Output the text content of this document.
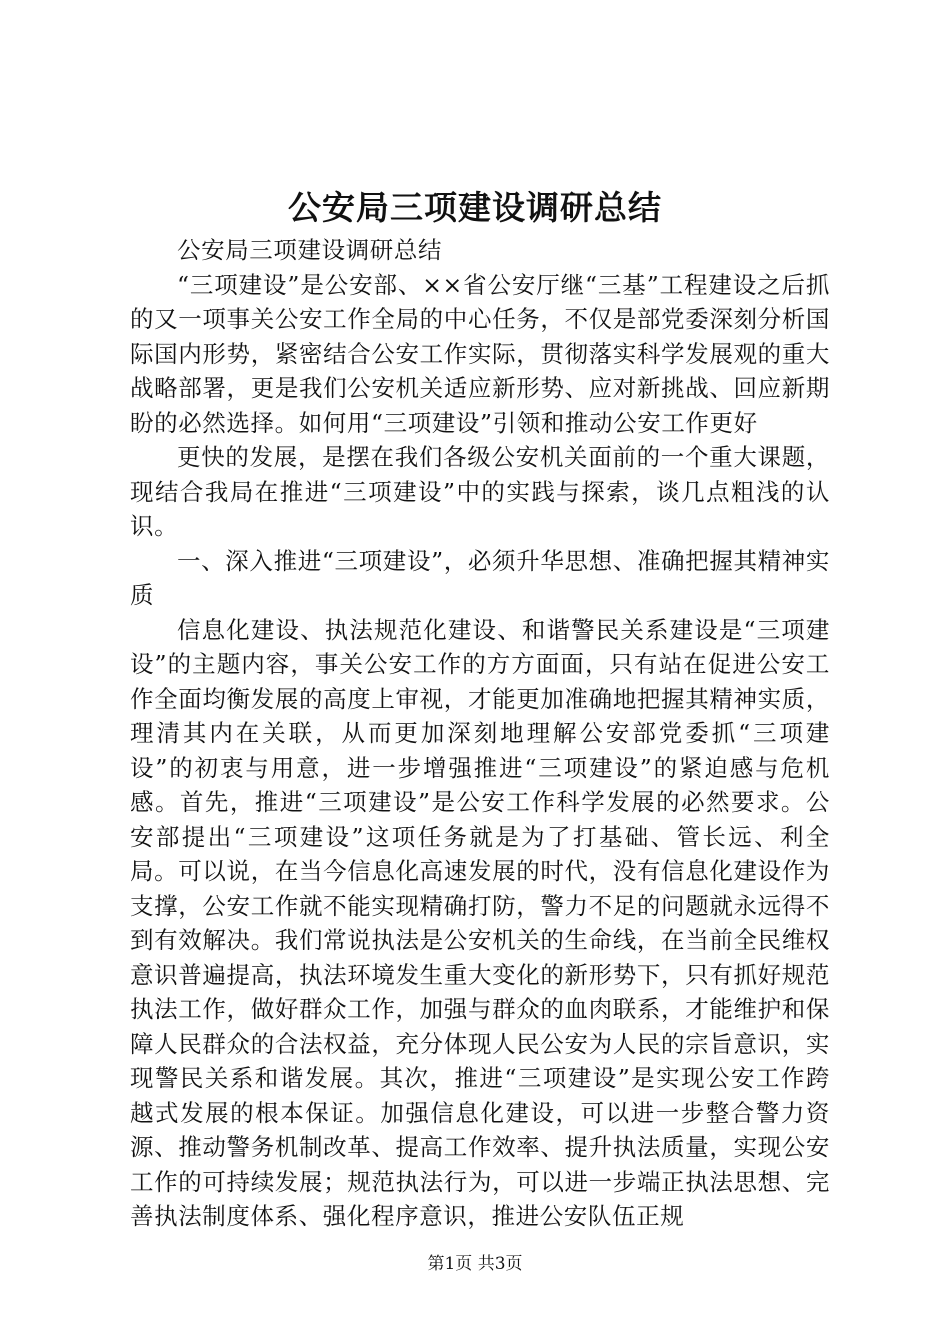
公安局三项建设调研总结

公安局三项建设调研总结

“三项建设”是公安部、××省公安厅继“三基”工程建设之后抓的又一项事关公安工作全局的中心任务，不仅是部党委深刻分析国际国内形势，紧密结合公安工作实际，贯彻落实科学发展观的重大战略部署，更是我们公安机关适应新形势、应对新挑战、回应新期盼的必然选择。如何用“三项建设”引领和推动公安工作更好

更快的发展，是摆在我们各级公安机关面前的一个重大课题，现结合我局在推进“三项建设”中的实践与探索，谈几点粗浅的认识。

一、深入推进“三项建设”，必须升华思想、准确把握其精神实质

信息化建设、执法规范化建设、和谐警民关系建设是“三项建设”的主题内容，事关公安工作的方方面面，只有站在促进公安工作全面均衡发展的高度上审视，才能更加准确地把握其精神实质，理清其内在关联，从而更加深刻地理解公安部党委抓“三项建设”的初衷与用意，进一步增强推进“三项建设”的紧迫感与危机感。首先，推进“三项建设”是公安工作科学发展的必然要求。公安部提出“三项建设”这项任务就是为了打基础、管长远、利全局。可以说，在当今信息化高速发展的时代，没有信息化建设作为支撑，公安工作就不能实现精确打防，警力不足的问题就永远得不到有效解决。我们常说执法是公安机关的生命线，在当前全民维权意识普遍提高，执法环境发生重大变化的新形势下，只有抓好规范执法工作，做好群众工作，加强与群众的血肉联系，才能维护和保障人民群众的合法权益，充分体现人民公安为人民的宗旨意识，实现警民关系和谐发展。其次，推进“三项建设”是实现公安工作跨越式发展的根本保证。加强信息化建设，可以进一步整合警力资源、推动警务机制改革、提高工作效率、提升执法质量，实现公安工作的可持续发展；规范执法行为，可以进一步端正执法思想、完善执法制度体系、强化程序意识，推进公安队伍正规

第1页 共3页
